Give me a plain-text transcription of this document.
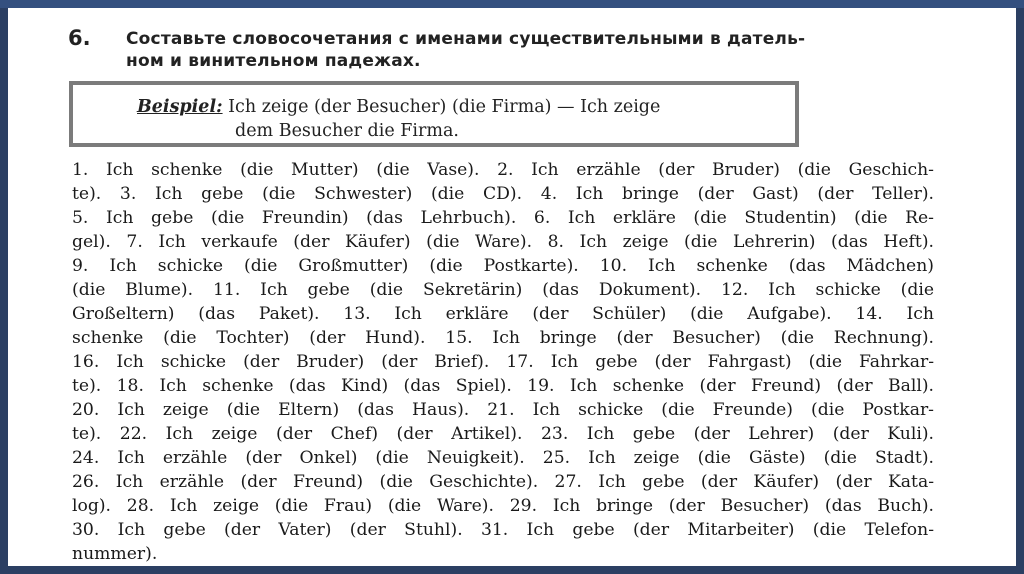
6. Составьте словосочетания с именами существительными в датель-
ном и винительном падежах.
Beispiel: Ich zeige (der Besucher) (die Firma) — Ich zeige
dem Besucher die Firma.
1. Ich schenke (die Mutter) (die Vase). 2. Ich erzähle (der Bruder) (die Geschich-
te). 3. Ich gebe (die Schwester) (die CD). 4. Ich bringe (der Gast) (der Teller).
5. Ich gebe (die Freundin) (das Lehrbuch). 6. Ich erkläre (die Studentin) (die Re-
gel). 7. Ich verkaufe (der Käufer) (die Ware). 8. Ich zeige (die Lehrerin) (das Heft).
9. Ich schicke (die Großmutter) (die Postkarte). 10. Ich schenke (das Mädchen)
(die Blume). 11. Ich gebe (die Sekretärin) (das Dokument). 12. Ich schicke (die
Großeltern) (das Paket). 13. Ich erkläre (der Schüler) (die Aufgabe). 14. Ich
schenke (die Tochter) (der Hund). 15. Ich bringe (der Besucher) (die Rechnung).
16. Ich schicke (der Bruder) (der Brief). 17. Ich gebe (der Fahrgast) (die Fahrkar-
te). 18. Ich schenke (das Kind) (das Spiel). 19. Ich schenke (der Freund) (der Ball).
20. Ich zeige (die Eltern) (das Haus). 21. Ich schicke (die Freunde) (die Postkar-
te). 22. Ich zeige (der Chef) (der Artikel). 23. Ich gebe (der Lehrer) (der Kuli).
24. Ich erzähle (der Onkel) (die Neuigkeit). 25. Ich zeige (die Gäste) (die Stadt).
26. Ich erzähle (der Freund) (die Geschichte). 27. Ich gebe (der Käufer) (der Kata-
log). 28. Ich zeige (die Frau) (die Ware). 29. Ich bringe (der Besucher) (das Buch).
30. Ich gebe (der Vater) (der Stuhl). 31. Ich gebe (der Mitarbeiter) (die Telefon-
nummer).
